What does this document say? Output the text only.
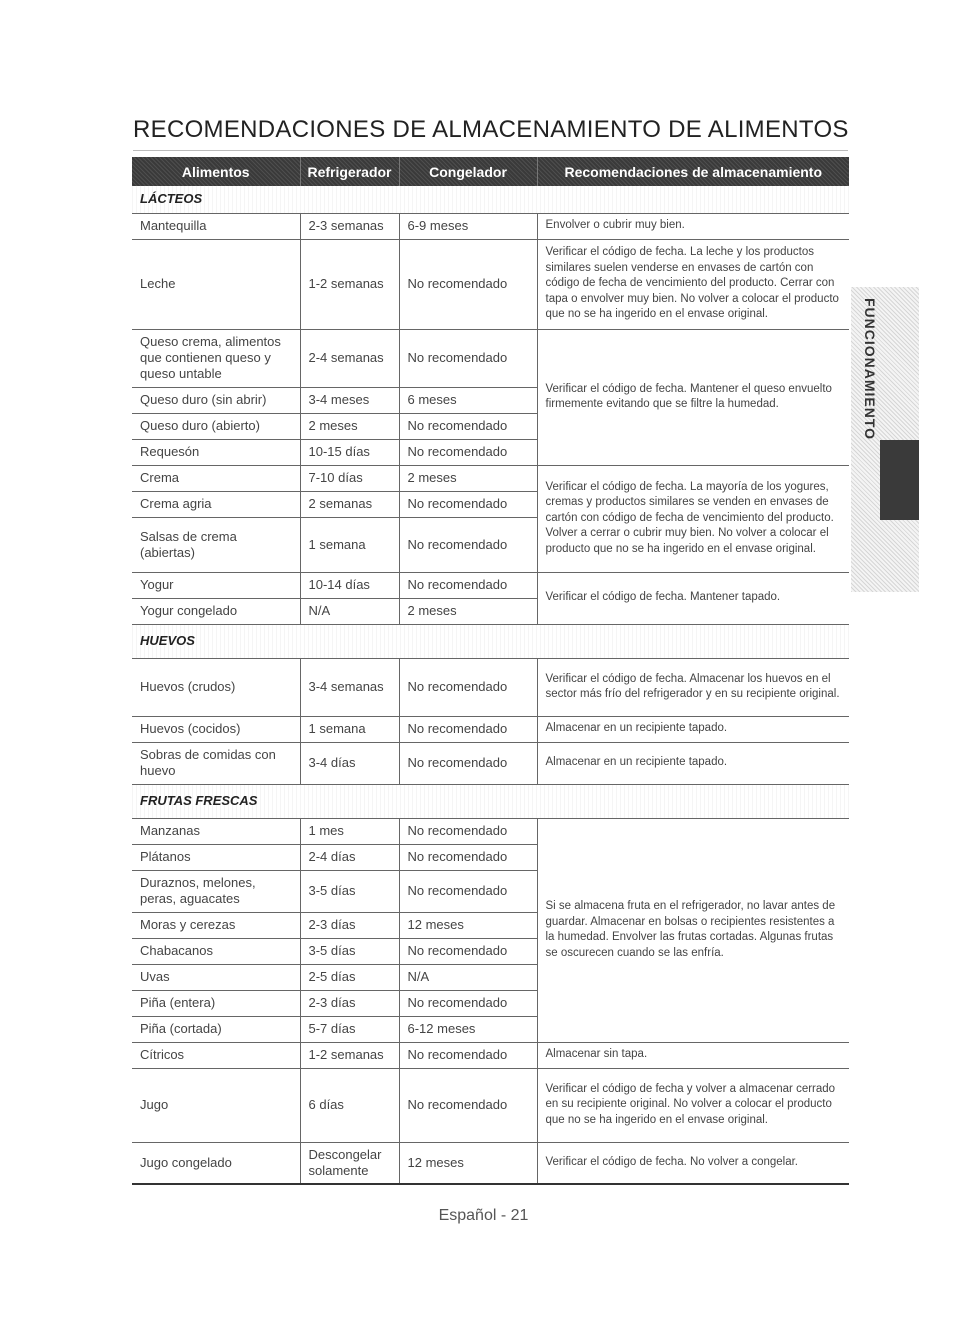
RECOMENDACIONES DE ALMACENAMIENTO DE ALIMENTOS
Alimentos	Refrigerador	Congelador	Recomendaciones de almacenamiento
LÁCTEOS			
Mantequilla	2-3 semanas	6-9 meses	Envolver o cubrir muy bien.
Leche	1-2 semanas	No recomendado	Verificar el código de fecha. La leche y los productos similares suelen venderse en envases de cartón con código de fecha de vencimiento del producto. Cerrar con tapa o envolver muy bien. No volver a colocar el producto que no se ha ingerido en el envase original.
Queso crema, alimentos que contienen queso y queso untable	2-4 semanas	No recomendado	Verificar el código de fecha. Mantener el queso envuelto firmemente evitando que se filtre la humedad.
Queso duro (sin abrir)	3-4 meses	6 meses	
Queso duro (abierto)	2 meses	No recomendado	
Requesón	10-15 días	No recomendado	
Crema	7-10 días	2 meses	Verificar el código de fecha. La mayoría de los yogures, cremas y productos similares se venden en envases de cartón con código de fecha de vencimiento del producto. Volver a cerrar o cubrir muy bien. No volver a colocar el producto que no se ha ingerido en el envase original.
Crema agria	2 semanas	No recomendado	
Salsas de crema (abiertas)	1 semana	No recomendado	
Yogur	10-14 días	No recomendado	Verificar el código de fecha. Mantener tapado.
Yogur congelado	N/A	2 meses	
HUEVOS			
Huevos (crudos)	3-4 semanas	No recomendado	Verificar el código de fecha. Almacenar los huevos en el sector más frío del refrigerador y en su recipiente original.
Huevos (cocidos)	1 semana	No recomendado	Almacenar en un recipiente tapado.
Sobras de comidas con huevo	3-4 días	No recomendado	Almacenar en un recipiente tapado.
FRUTAS FRESCAS			
Manzanas	1 mes	No recomendado	Si se almacena fruta en el refrigerador, no lavar antes de guardar. Almacenar en bolsas o recipientes resistentes a la humedad. Envolver las frutas cortadas. Algunas frutas se oscurecen cuando se las enfría.
Plátanos	2-4 días	No recomendado	
Duraznos, melones, peras, aguacates	3-5 días	No recomendado	
Moras y cerezas	2-3 días	12 meses	
Chabacanos	3-5 días	No recomendado	
Uvas	2-5 días	N/A	
Piña (entera)	2-3 días	No recomendado	
Piña (cortada)	5-7 días	6-12 meses	
Cítricos	1-2 semanas	No recomendado	Almacenar sin tapa.
Jugo	6 días	No recomendado	Verificar el código de fecha y volver a almacenar cerrado en su recipiente original. No volver a colocar el producto que no se ha ingerido en el envase original.
Jugo congelado	Descongelar solamente	12 meses	Verificar el código de fecha. No volver a congelar.
FUNCIONAMIENTO
Español - 21
